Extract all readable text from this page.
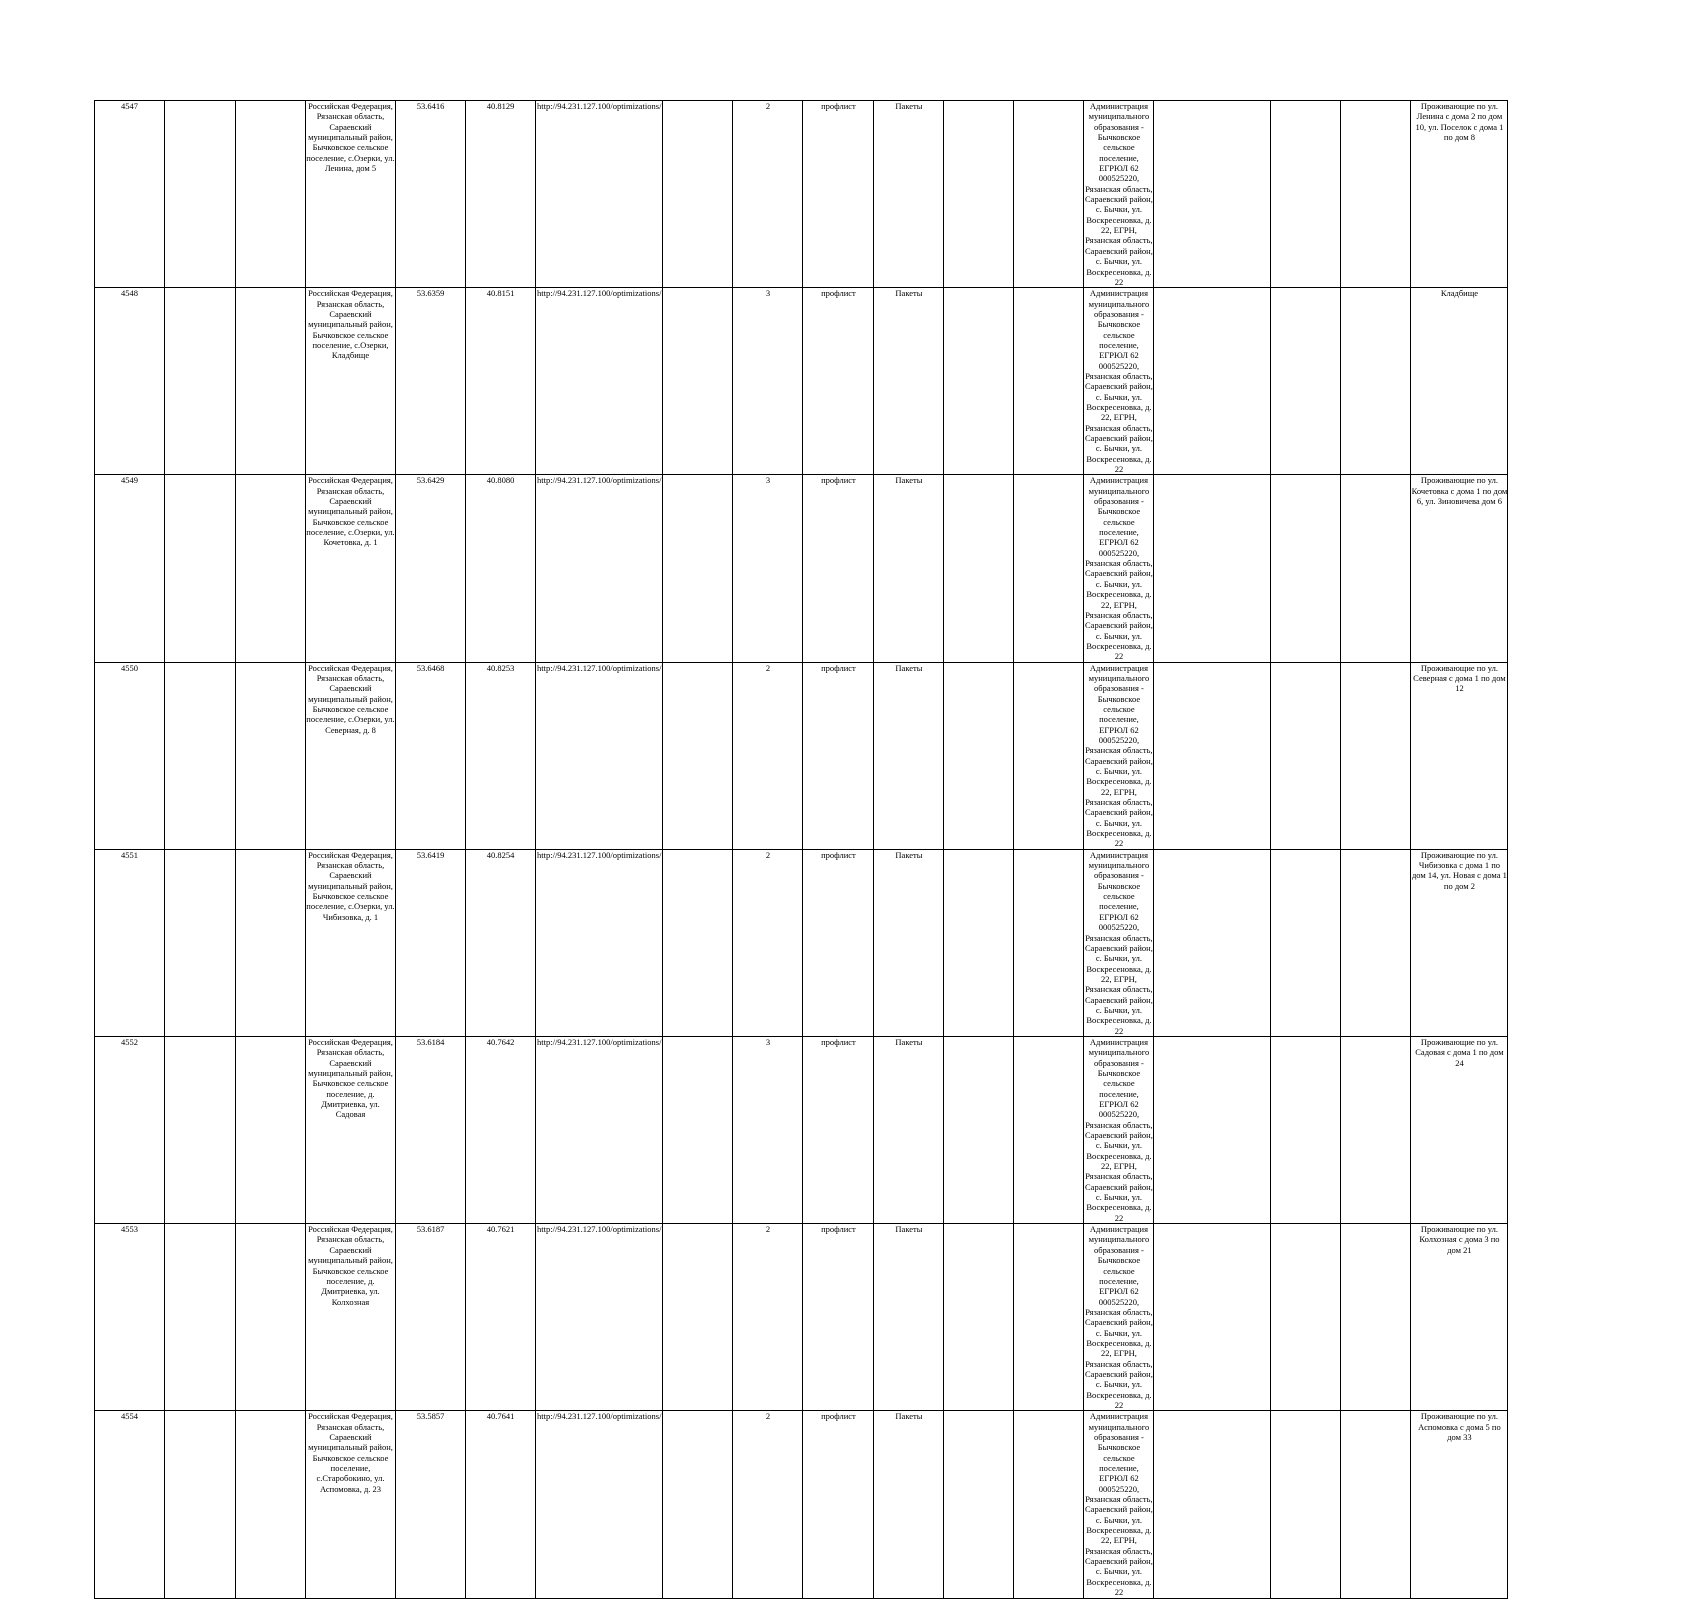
4547			Российская Федерация, Рязанская область, Сараевский муниципальный район, Бычковское сельское поселение, с.Озерки, ул. Ленина, дом 5	53.6416	40.8129	http://94.231.127.100/optimizations/		2	профлист	Пакеты			Администрация муниципального образования - Бычковское сельское поселение, ЕГРЮЛ 62 000525220, Рязанская область, Сараевский район, с. Бычки, ул. Воскресеновка, д. 22, ЕГРН, Рязанская область, Сараевский район, с. Бычки, ул. Воскресеновка, д. 22				Проживающие по ул. Ленина с дома 2 по дом 10, ул. Поселок с дома 1 по дом 8
4548			Российская Федерация, Рязанская область, Сараевский муниципальный район, Бычковское сельское поселение, с.Озерки, Кладбище	53.6359	40.8151	http://94.231.127.100/optimizations/		3	профлист	Пакеты			Администрация муниципального образования - Бычковское сельское поселение, ЕГРЮЛ 62 000525220, Рязанская область, Сараевский район, с. Бычки, ул. Воскресеновка, д. 22, ЕГРН, Рязанская область, Сараевский район, с. Бычки, ул. Воскресеновка, д. 22				Кладбище
4549			Российская Федерация, Рязанская область, Сараевский муниципальный район, Бычковское сельское поселение, с.Озерки, ул. Кочетовка, д. 1	53.6429	40.8080	http://94.231.127.100/optimizations/		3	профлист	Пакеты			Администрация муниципального образования - Бычковское сельское поселение, ЕГРЮЛ 62 000525220, Рязанская область, Сараевский район, с. Бычки, ул. Воскресеновка, д. 22, ЕГРН, Рязанская область, Сараевский район, с. Бычки, ул. Воскресеновка, д. 22				Проживающие по ул. Кочетовка с дома 1 по дом 6, ул. Зиновичева дом 6
4550			Российская Федерация, Рязанская область, Сараевский муниципальный район, Бычковское сельское поселение, с.Озерки, ул. Северная, д. 8	53.6468	40.8253	http://94.231.127.100/optimizations/		2	профлист	Пакеты			Администрация муниципального образования - Бычковское сельское поселение, ЕГРЮЛ 62 000525220, Рязанская область, Сараевский район, с. Бычки, ул. Воскресеновка, д. 22, ЕГРН, Рязанская область, Сараевский район, с. Бычки, ул. Воскресеновка, д. 22				Проживающие по ул. Северная с дома 1 по дом 12
4551			Российская Федерация, Рязанская область, Сараевский муниципальный район, Бычковское сельское поселение, с.Озерки, ул. Чибизовка, д. 1	53.6419	40.8254	http://94.231.127.100/optimizations/		2	профлист	Пакеты			Администрация муниципального образования - Бычковское сельское поселение, ЕГРЮЛ 62 000525220, Рязанская область, Сараевский район, с. Бычки, ул. Воскресеновка, д. 22, ЕГРН, Рязанская область, Сараевский район, с. Бычки, ул. Воскресеновка, д. 22				Проживающие по ул. Чибизовка с дома 1 по дом 14, ул. Новая с дома 1 по дом 2
4552			Российская Федерация, Рязанская область, Сараевский муниципальный район, Бычковское сельское поселение, д. Дмитриевка, ул. Садовая	53.6184	40.7642	http://94.231.127.100/optimizations/		3	профлист	Пакеты			Администрация муниципального образования - Бычковское сельское поселение, ЕГРЮЛ 62 000525220, Рязанская область, Сараевский район, с. Бычки, ул. Воскресеновка, д. 22, ЕГРН, Рязанская область, Сараевский район, с. Бычки, ул. Воскресеновка, д. 22				Проживающие по ул. Садовая с дома 1 по дом 24
4553			Российская Федерация, Рязанская область, Сараевский муниципальный район, Бычковское сельское поселение, д. Дмитриевка, ул. Колхозная	53.6187	40.7621	http://94.231.127.100/optimizations/		2	профлист	Пакеты			Администрация муниципального образования - Бычковское сельское поселение, ЕГРЮЛ 62 000525220, Рязанская область, Сараевский район, с. Бычки, ул. Воскресеновка, д. 22, ЕГРН, Рязанская область, Сараевский район, с. Бычки, ул. Воскресеновка, д. 22				Проживающие по ул. Колхозная с дома 3 по дом 21
4554			Российская Федерация, Рязанская область, Сараевский муниципальный район, Бычковское сельское поселение, с.Старобокино, ул. Аспомовка, д. 23	53.5857	40.7641	http://94.231.127.100/optimizations/		2	профлист	Пакеты			Администрация муниципального образования - Бычковское сельское поселение, ЕГРЮЛ 62 000525220, Рязанская область, Сараевский район, с. Бычки, ул. Воскресеновка, д. 22, ЕГРН, Рязанская область, Сараевский район, с. Бычки, ул. Воскресеновка, д. 22				Проживающие по ул. Аспомовка с дома 5 по дом 33
